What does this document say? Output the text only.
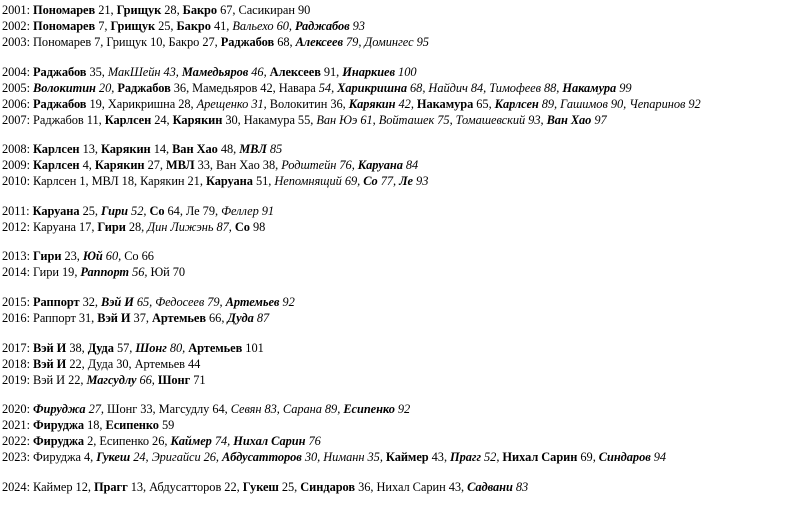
2001: Пономарев 21, Грищук 28, Бакро 67, Сасикиран 90
2002: Пономарев 7, Грищук 25, Бакро 41, Вальехо 60, Раджабов 93
2003: Пономарев 7, Грищук 10, Бакро 27, Раджабов 68, Алексеев 79, Домингес 95
2004: Раджабов 35, МакШейн 43, Мамедьяров 46, Алексеев 91, Инаркиев 100
2005: Волокитин 20, Раджабов 36, Мамедьяров 42, Навара 54, Харикришна 68, Найдич 84, Тимофеев 88, Накамура 99
2006: Раджабов 19, Харикришна 28, Арещенко 31, Волокитин 36, Карякин 42, Накамура 65, Карлсен 89, Гашимов 90, Чепаринов 92
2007: Раджабов 11, Карлсен 24, Карякин 30, Накамура 55, Ван Юэ 61, Войташек 75, Томашевский 93, Ван Хао 97
2008: Карлсен 13, Карякин 14, Ван Хао 48, МВЛ 85
2009: Карлсен 4, Карякин 27, МВЛ 33, Ван Хао 38, Родштейн 76, Каруана 84
2010: Карлсен 1, МВЛ 18, Карякин 21, Каруана 51, Непомнящий 69, Со 77, Ле 93
2011: Каруана 25, Гири 52, Со 64, Ле 79, Феллер 91
2012: Каруана 17, Гири 28, Дин Лижэнь 87, Со 98
2013: Гири 23, Юй 60, Со 66
2014: Гири 19, Раппорт 56, Юй 70
2015: Раппорт 32, Вэй И 65, Федосеев 79, Артемьев 92
2016: Раппорт 31, Вэй И 37, Артемьев 66, Дуда 87
2017: Вэй И 38, Дуда 57, Шонг 80, Артемьев 101
2018: Вэй И 22, Дуда 30, Артемьев 44
2019: Вэй И 22, Магсудлу 66, Шонг 71
2020: Фируджа 27, Шонг 33, Магсудлу 64, Севян 83, Сарана 89, Есипенко 92
2021: Фируджа 18, Есипенко 59
2022: Фируджа 2, Есипенко 26, Каймер 74, Нихал Сарин 76
2023: Фируджа 4, Гукеш 24, Эригайси 26, Абдусатторов 30, Ниманн 35, Каймер 43, Прагг 52, Нихал Сарин 69, Синдаров 94
2024: Каймер 12, Прагг 13, Абдусатторов 22, Гукеш 25, Синдаров 36, Нихал Сарин 43, Садвани 83
